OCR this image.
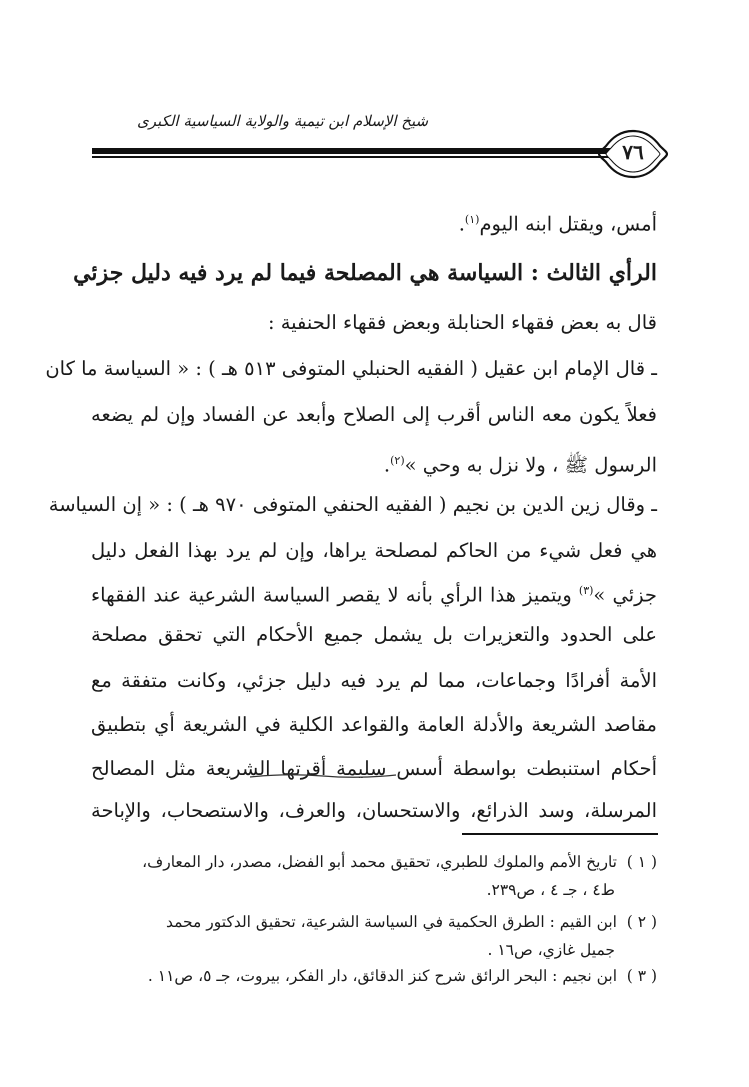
شيخ الإسلام ابن تيمية والولاية السياسية الكبرى
٧٦
أمس، ويقتل ابنه اليوم$^{(١)}$.
الرأي الثالث : السياسة هي المصلحة فيما لم يرد فيه دليل جزئي
قال به بعض فقهاء الحنابلة وبعض فقهاء الحنفية :
ـ قال الإمام ابن عقيل ( الفقيه الحنبلي المتوفى ٥١٣ هـ ) : « السياسة ما كان
فعلاً يكون معه الناس أقرب إلى الصلاح وأبعد عن الفساد وإن لم يضعه
الرسول ﷺ ، ولا نزل به وحي »$^{(٢)}$.
ـ وقال زين الدين بن نجيم ( الفقيه الحنفي المتوفى ٩٧٠ هـ ) : « إن السياسة
هي فعل شيء من الحاكم لمصلحة يراها، وإن لم يرد بهذا الفعل دليل
جزئي »$^{(٣)}$ ويتميز هذا الرأي بأنه لا يقصر السياسة الشرعية عند الفقهاء
على الحدود والتعزيرات بل يشمل جميع الأحكام التي تحقق مصلحة
الأمة أفرادًا وجماعات، مما لم يرد فيه دليل جزئي، وكانت متفقة مع
مقاصد الشريعة والأدلة العامة والقواعد الكلية في الشريعة أي بتطبيق
أحكام استنبطت بواسطة أسس سليمة أقرتها الشريعة مثل المصالح
المرسلة، وسد الذرائع، والاستحسان، والعرف، والاستصحاب، والإباحة
( ١ )تاريخ الأمم والملوك للطبري، تحقيق محمد أبو الفضل، مصدر، دار المعارف،
ط٤ ، جـ ٤ ، ص٢٣٩.
( ٢ )ابن القيم : الطرق الحكمية في السياسة الشرعية، تحقيق الدكتور محمد
جميل غازي، ص١٦ .
( ٣ )ابن نجيم : البحر الرائق شرح كنز الدقائق، دار الفكر، بيروت، جـ ٥، ص١١ .
